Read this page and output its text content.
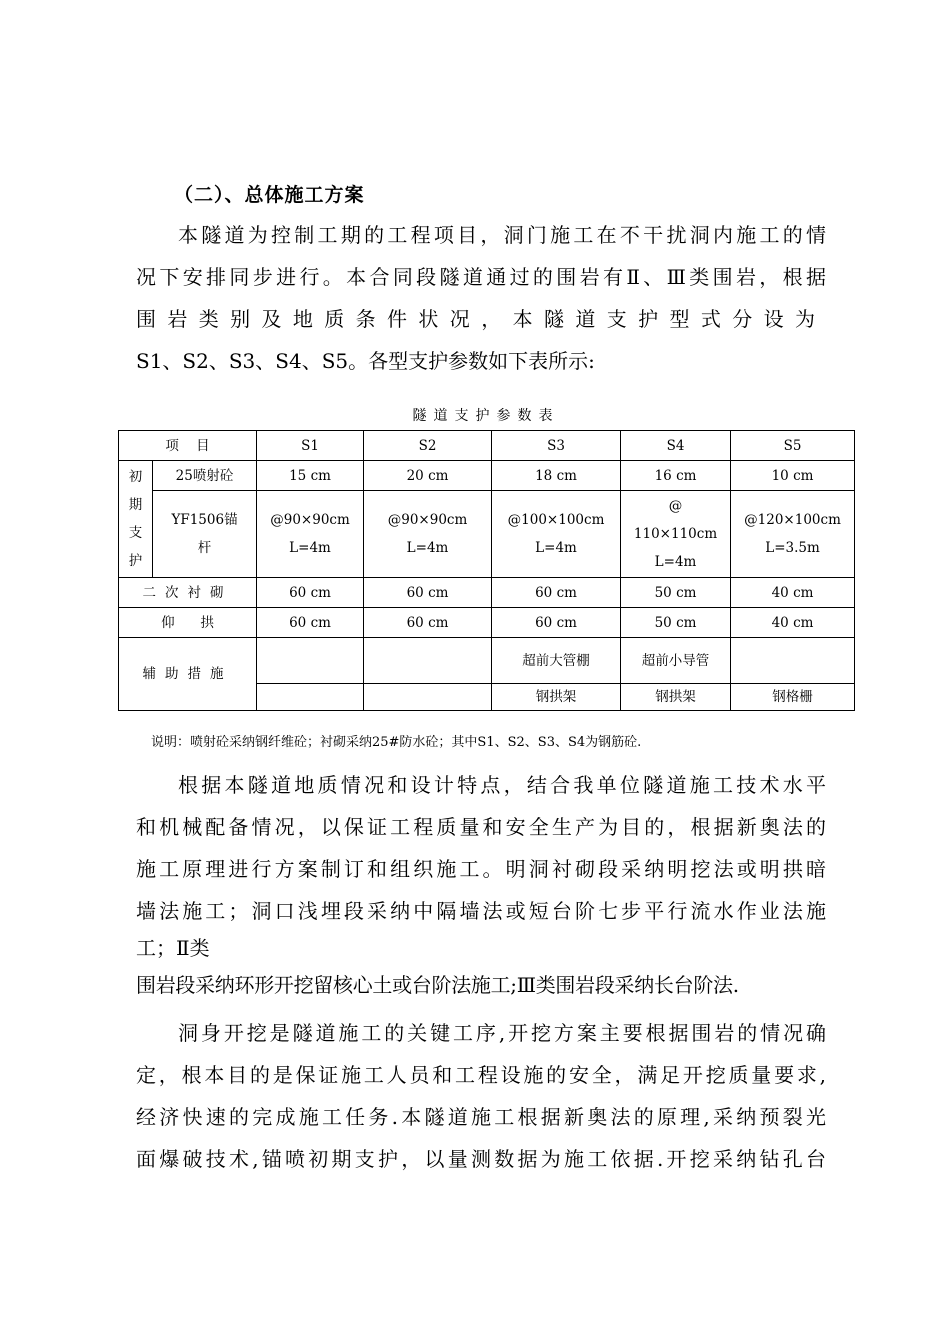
（二）、总体施工方案
本隧道为控制工期的工程项目，洞门施工在不干扰洞内施工的情
况下安排同步进行。本合同段隧道通过的围岩有Ⅱ、Ⅲ类围岩，根据
围岩类别及地质条件状况，本隧道支护型式分设为
S1、S2、S3、S4、S5。各型支护参数如下表所示:
隧道支护参数表
项    目		S1	S2	S3	S4	S5
初
期
支
护	25喷射砼	15 cm	20 cm	18 cm	16 cm	10 cm
	YF1506锚
杆	@90×90cm
L=4m	@90×90cm
L=4m	@100×100cm
L=4m	@
110×110cm
L=4m	@120×100cm
L=3.5m
二次衬砌		60 cm	60 cm	60 cm	50 cm	40 cm
仰      拱		60 cm	60 cm	60 cm	50 cm	40 cm
辅助措施				超前大管棚	超前小导管	
				钢拱架	钢拱架	钢格栅
说明：喷射砼采纳钢纤维砼；衬砌采纳25#防水砼；其中S1、S2、S3、S4为钢筋砼.
根据本隧道地质情况和设计特点，结合我单位隧道施工技术水平
和机械配备情况，以保证工程质量和安全生产为目的，根据新奥法的
施工原理进行方案制订和组织施工。明洞衬砌段采纳明挖法或明拱暗
墙法施工；洞口浅埋段采纳中隔墙法或短台阶七步平行流水作业法施
工；Ⅱ类
围岩段采纳环形开挖留核心土或台阶法施工;Ⅲ类围岩段采纳长台阶法.
洞身开挖是隧道施工的关键工序,开挖方案主要根据围岩的情况确
定，根本目的是保证施工人员和工程设施的安全，满足开挖质量要求,
经济快速的完成施工任务.本隧道施工根据新奥法的原理,采纳预裂光
面爆破技术,锚喷初期支护，以量测数据为施工依据.开挖采纳钻孔台
